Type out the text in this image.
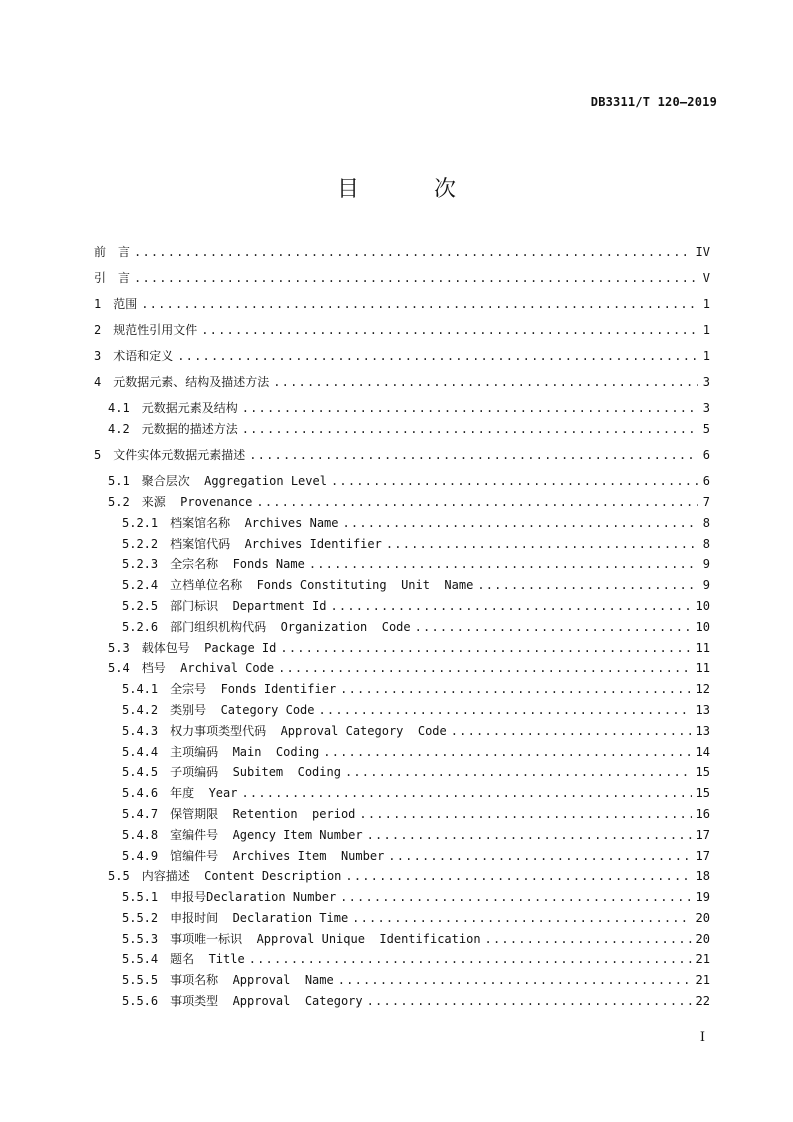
DB3311/T 120—2019
目 次
前　言 .....	IV
引　言 .....	V
1	范围 .....	1
2	规范性引用文件 .....	1
3	术语和定义 .....	1
4	元数据元素、结构及描述方法 .....	3
4.1	元数据元素及结构 .....	3
4.2	元数据的描述方法 .....	5
5	文件实体元数据元素描述 .....	6
5.1	聚合层次  Aggregation Level .....	6
5.2	来源  Provenance .....	7
5.2.1	档案馆名称  Archives Name .....	8
5.2.2	档案馆代码  Archives Identifier .....	8
5.2.3	全宗名称  Fonds Name .....	9
5.2.4	立档单位名称  Fonds Constituting  Unit  Name .....	9
5.2.5	部门标识  Department Id .....	10
5.2.6	部门组织机构代码  Organization  Code .....	10
5.3	载体包号  Package Id .....	11
5.4	档号  Archival Code .....	11
5.4.1	全宗号  Fonds Identifier .....	12
5.4.2	类别号  Category Code .....	13
5.4.3	权力事项类型代码  Approval Category  Code .....	13
5.4.4	主项编码  Main  Coding .....	14
5.4.5	子项编码  Subitem  Coding .....	15
5.4.6	年度  Year .....	15
5.4.7	保管期限  Retention  period .....	16
5.4.8	室编件号  Agency Item Number .....	17
5.4.9	馆编件号  Archives Item  Number .....	17
5.5	内容描述  Content Description .....	18
5.5.1	申报号Declaration Number .....	19
5.5.2	申报时间  Declaration Time .....	20
5.5.3	事项唯一标识  Approval Unique  Identification .....	20
5.5.4	题名  Title .....	21
5.5.5	事项名称  Approval  Name .....	21
5.5.6	事项类型  Approval  Category .....	22
I
